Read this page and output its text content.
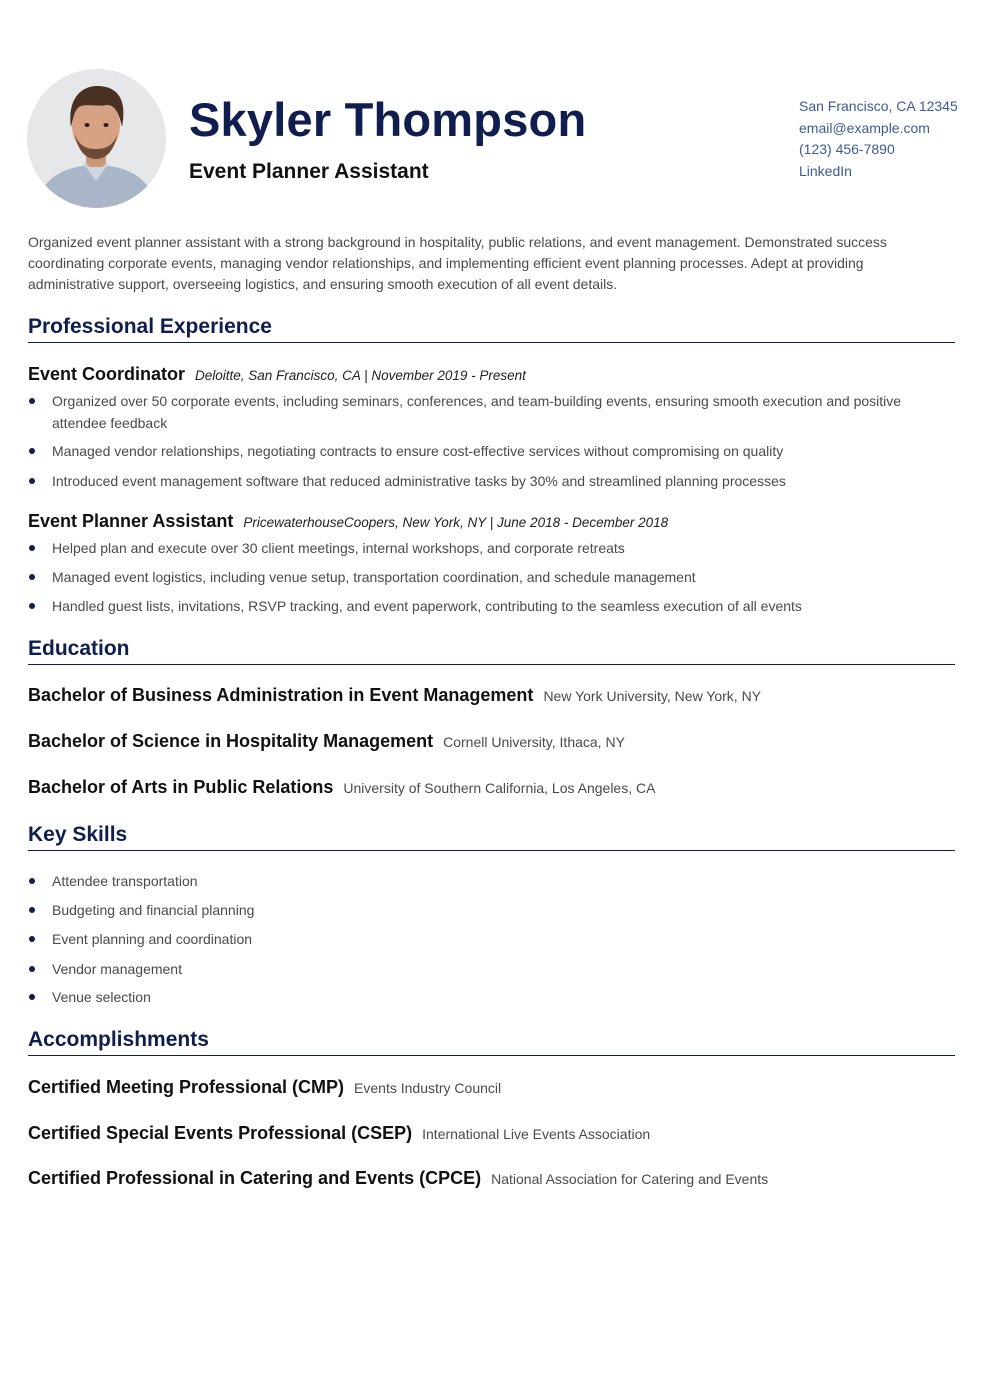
Skyler Thompson
Event Planner Assistant
San Francisco, CA 12345
email@example.com
(123) 456-7890
LinkedIn

Organized event planner assistant with a strong background in hospitality, public relations, and event management. Demonstrated success coordinating corporate events, managing vendor relationships, and implementing efficient event planning processes. Adept at providing administrative support, overseeing logistics, and ensuring smooth execution of all event details.

Professional Experience
Event Coordinator Deloitte, San Francisco, CA | November 2019 - Present
Organized over 50 corporate events, including seminars, conferences, and team-building events, ensuring smooth execution and positive attendee feedback
Managed vendor relationships, negotiating contracts to ensure cost-effective services without compromising on quality
Introduced event management software that reduced administrative tasks by 30% and streamlined planning processes
Event Planner Assistant PricewaterhouseCoopers, New York, NY | June 2018 - December 2018
Helped plan and execute over 30 client meetings, internal workshops, and corporate retreats
Managed event logistics, including venue setup, transportation coordination, and schedule management
Handled guest lists, invitations, RSVP tracking, and event paperwork, contributing to the seamless execution of all events
Education
Bachelor of Business Administration in Event Management New York University, New York, NY
Bachelor of Science in Hospitality Management Cornell University, Ithaca, NY
Bachelor of Arts in Public Relations University of Southern California, Los Angeles, CA
Key Skills
Attendee transportation
Budgeting and financial planning
Event planning and coordination
Vendor management
Venue selection
Accomplishments
Certified Meeting Professional (CMP) Events Industry Council
Certified Special Events Professional (CSEP) International Live Events Association
Certified Professional in Catering and Events (CPCE) National Association for Catering and Events
